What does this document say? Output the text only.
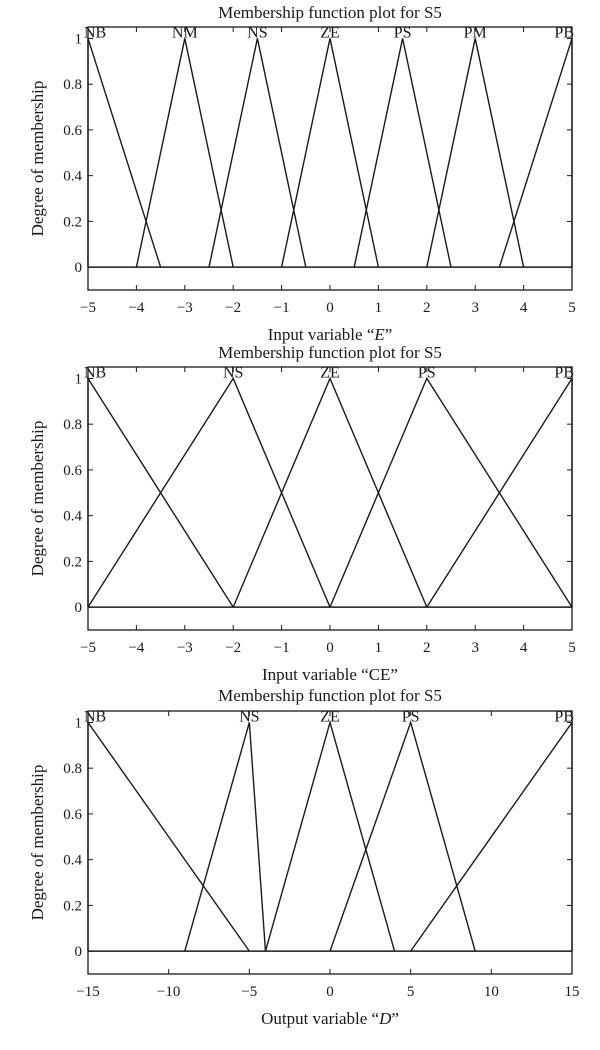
Membership function plot for S5
−5 −4 −3 −2 −1 0	1	2	3	4	5
0
0.2
0.4
0.6
0.8
1 NB	NM	NS	ZE	PS	PM	PB
Degree of membership
Input variable “E”
Membership function plot for S5
−5 −4 −3 −2 −1 0	1	2	3	4	5
0
0.2
0.4
0.6
0.8
1 NB	NS	ZE	PS	PB
Degree of membership
Input variable “CE”
Membership function plot for S5
−15	−10	−5	0	5	10	15
0
0.2
0.4
0.6
0.8
1 NB	NS	ZE	PS	PB
Degree of membership
Output variable “D”
